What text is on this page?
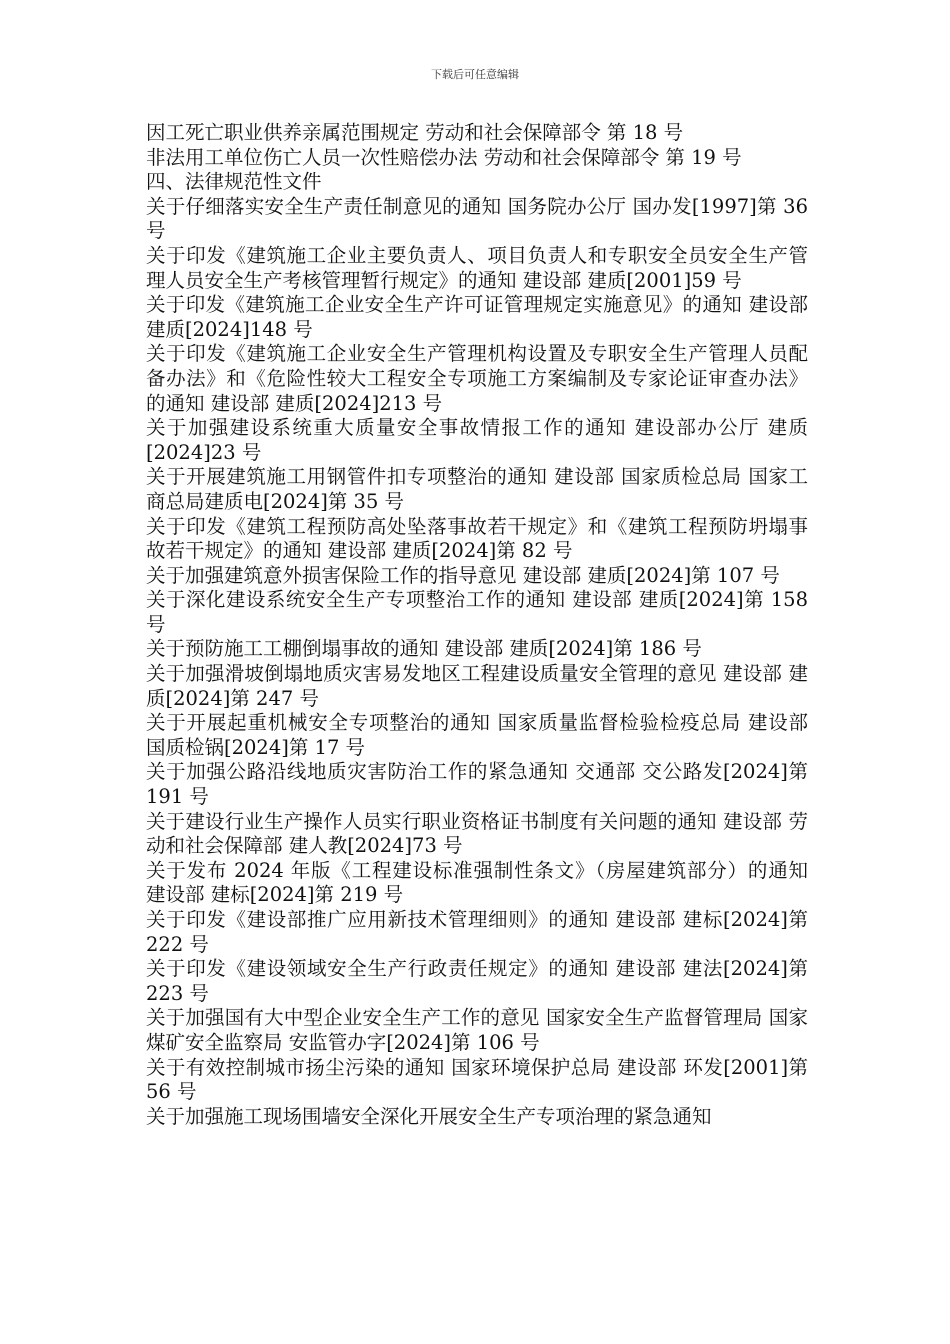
下载后可任意编辑

因工死亡职业供养亲属范围规定 劳动和社会保障部令 第 18 号

非法用工单位伤亡人员一次性赔偿办法 劳动和社会保障部令 第 19 号

四、法律规范性文件

关于仔细落实安全生产责任制意见的通知 国务院办公厅 国办发[1997]第 36 号

关于印发《建筑施工企业主要负责人、项目负责人和专职安全员安全生产管理人员安全生产考核管理暂行规定》的通知 建设部 建质[2001]59 号

关于印发《建筑施工企业安全生产许可证管理规定实施意见》的通知 建设部 建质[2024]148 号

关于印发《建筑施工企业安全生产管理机构设置及专职安全生产管理人员配备办法》和《危险性较大工程安全专项施工方案编制及专家论证审查办法》的通知 建设部 建质[2024]213 号

关于加强建设系统重大质量安全事故情报工作的通知 建设部办公厅 建质[2024]23 号

关于开展建筑施工用钢管件扣专项整治的通知 建设部 国家质检总局 国家工商总局建质电[2024]第 35 号

关于印发《建筑工程预防高处坠落事故若干规定》和《建筑工程预防坍塌事故若干规定》的通知 建设部 建质[2024]第 82 号

关于加强建筑意外损害保险工作的指导意见 建设部 建质[2024]第 107 号

关于深化建设系统安全生产专项整治工作的通知 建设部 建质[2024]第 158 号

关于预防施工工棚倒塌事故的通知 建设部 建质[2024]第 186 号

关于加强滑坡倒塌地质灾害易发地区工程建设质量安全管理的意见 建设部 建质[2024]第 247 号

关于开展起重机械安全专项整治的通知 国家质量监督检验检疫总局 建设部 国质检锅[2024]第 17 号

关于加强公路沿线地质灾害防治工作的紧急通知 交通部 交公路发[2024]第 191 号

关于建设行业生产操作人员实行职业资格证书制度有关问题的通知 建设部 劳动和社会保障部 建人教[2024]73 号

关于发布 2024 年版《工程建设标准强制性条文》（房屋建筑部分）的通知 建设部 建标[2024]第 219 号

关于印发《建设部推广应用新技术管理细则》的通知 建设部 建标[2024]第 222 号

关于印发《建设领域安全生产行政责任规定》的通知 建设部 建法[2024]第 223 号

关于加强国有大中型企业安全生产工作的意见 国家安全生产监督管理局 国家煤矿安全监察局 安监管办字[2024]第 106 号

关于有效控制城市扬尘污染的通知 国家环境保护总局 建设部 环发[2001]第 56 号

关于加强施工现场围墙安全深化开展安全生产专项治理的紧急通知
